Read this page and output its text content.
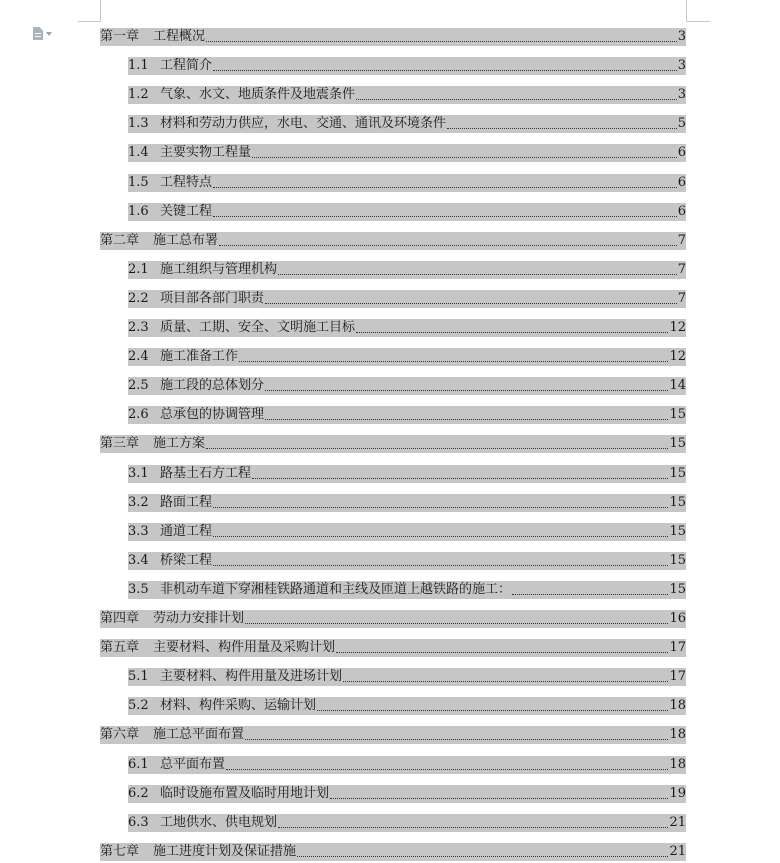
第一章 工程概况	3
1.1 工程简介	3
1.2 气象、水文、地质条件及地震条件	3
1.3 材料和劳动力供应，水电、交通、通讯及环境条件	5
1.4 主要实物工程量	6
1.5 工程特点	6
1.6 关键工程	6
第二章 施工总布署	7
2.1 施工组织与管理机构	7
2.2 项目部各部门职责	7
2.3 质量、工期、安全、文明施工目标	12
2.4 施工准备工作	12
2.5 施工段的总体划分	14
2.6 总承包的协调管理	15
第三章 施工方案	15
3.1 路基土石方工程	15
3.2 路面工程	15
3.3 通道工程	15
3.4 桥梁工程	15
3.5 非机动车道下穿湘桂铁路通道和主线及匝道上越铁路的施工：	15
第四章 劳动力安排计划	16
第五章 主要材料、构件用量及采购计划	17
5.1 主要材料、构件用量及进场计划	17
5.2 材料、构件采购、运输计划	18
第六章 施工总平面布置	18
6.1 总平面布置	18
6.2 临时设施布置及临时用地计划	19
6.3 工地供水、供电规划	21
第七章 施工进度计划及保证措施	21
